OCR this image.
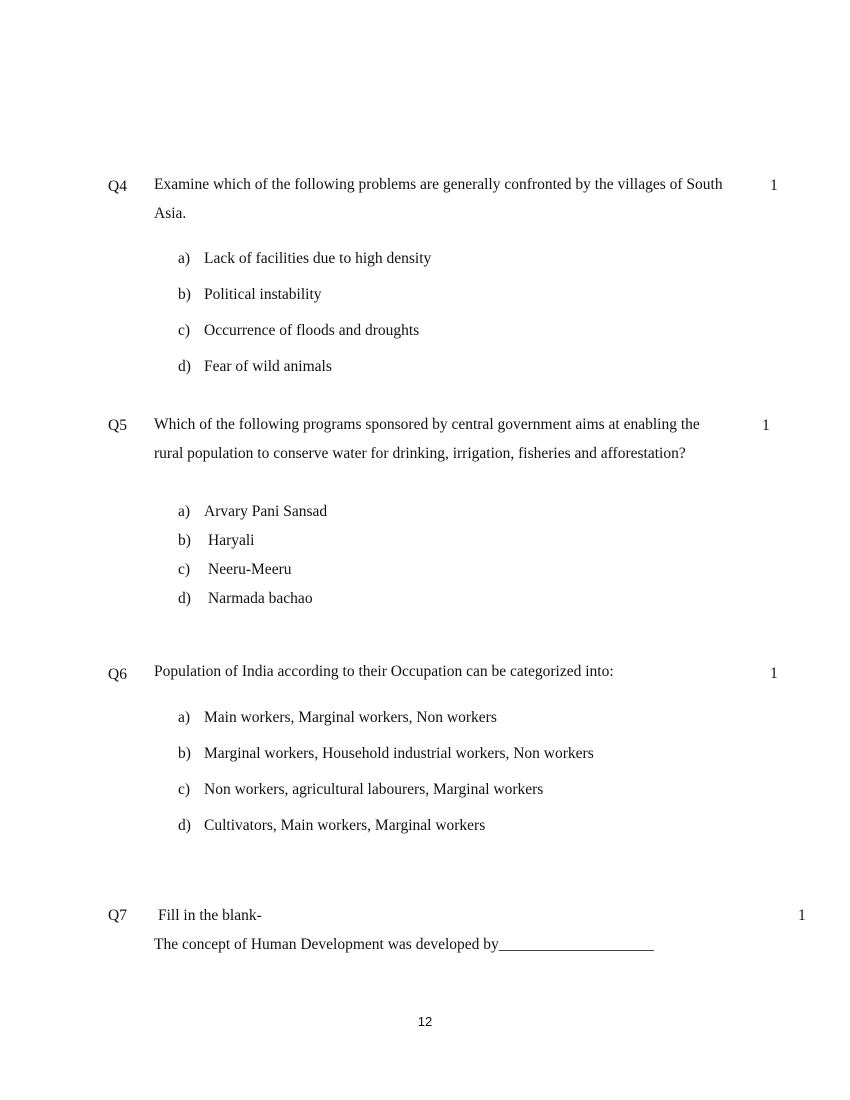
Q4 Examine which of the following problems are generally confronted by the villages of South Asia.
1
a) Lack of facilities due to high density
b) Political instability
c) Occurrence of floods and droughts
d) Fear of wild animals
Q5 Which of the following programs sponsored by central government aims at enabling the rural population to conserve water for drinking, irrigation, fisheries and afforestation?
1
a) Arvary Pani Sansad
b) Haryali
c) Neeru-Meeru
d) Narmada bachao
Q6 Population of India according to their Occupation can be categorized into:	1
a) Main workers, Marginal workers, Non workers
b) Marginal workers, Household industrial workers, Non workers
c) Non workers, agricultural labourers, Marginal workers
d) Cultivators, Main workers, Marginal workers
Q7 Fill in the blank-	1
The concept of Human Development was developed by____________________
12
